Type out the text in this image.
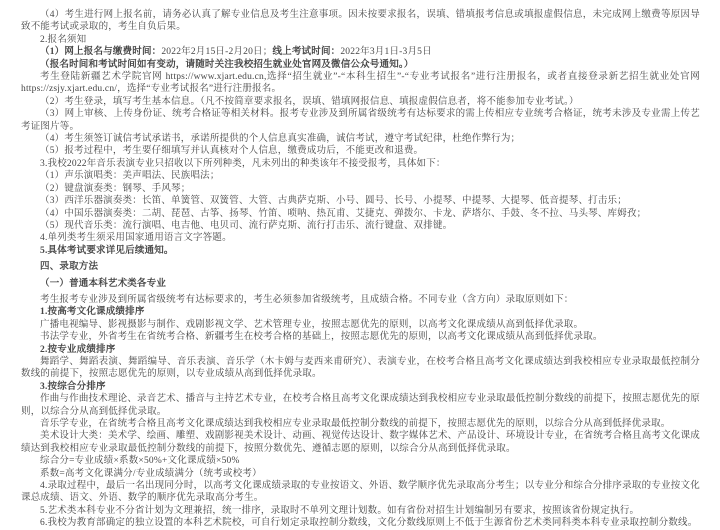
（4）考生进行网上报名前，请务必认真了解专业信息及考生注意事项。因未按要求报名，误填、错填报考信息或填报虚假信息，未完成网上缴费等原因导致不能考试或录取的，考生自负后果。

2.报名须知

（1）网上报名与缴费时间：2022年2月15日-2月20日；线上考试时间：2022年3月1日-3月5日

（报名时间和考试时间如有变动，请随时关注我校招生就业处官网及微信公众号通知。）

考生登陆新疆艺术学院官网 https://www.xjart.edu.cn,选择“招生就业”-“本科生招生”-“专业考试报名”进行注册报名，或者直接登录新艺招生就业处官网 https://zsjy.xjart.edu.cn/，选择“专业考试报名”进行注册报名。

（2）考生登录，填写考生基本信息。（凡不按简章要求报名，误填、错填网报信息、填报虚假信息者，将不能参加专业考试。）

（3）网上审核、上传身份证、统考合格证等相关材料。报考专业涉及到所属省级统考有达标要求的需上传相应专业统考合格证，统考未涉及专业需上传艺考证图片等。

（4）考生须签订诚信考试承诺书，承诺所提供的个人信息真实准确，诚信考试，遵守考试纪律，杜绝作弊行为；

（5）报考过程中，考生要仔细填写并认真核对个人信息，缴费成功后，不能更改和退费。

3.我校2022年音乐表演专业只招收以下所列种类，凡未列出的种类该年不接受报考，具体如下：

（1）声乐演唱类：美声唱法、民族唱法；

（2）键盘演奏类：钢琴、手风琴；

（3）西洋乐器演奏类：长笛、单簧管、双簧管、大管、古典萨克斯、小号、圆号、长号、小提琴、中提琴、大提琴、低音提琴、打击乐；

（4）中国乐器演奏类：二胡、琵琶、古筝、扬琴、竹笛、唢呐、热瓦甫、艾捷克、弹拨尔、卡龙、萨塔尔、手鼓、冬不拉、马头琴、库姆孜；

（5）现代音乐类：流行演唱、电吉他、电贝司、流行萨克斯、流行打击乐、流行键盘、双排键。

4.单列类考生须采用国家通用语言文字答题。

5.具体考试要求详见后续通知。

四、录取方法

（一）普通本科艺术类各专业

考生报考专业涉及到所属省级统考有达标要求的，考生必须参加省级统考，且成绩合格。不同专业（含方向）录取原则如下：

1.按高考文化课成绩排序

广播电视编导、影视摄影与制作、戏剧影视文学、艺术管理专业，按照志愿优先的原则，以高考文化课成绩从高到低择优录取。

书法学专业，外省考生在省统考合格、新疆考生在校考合格的基础上，按照志愿优先的原则，以高考文化课成绩从高到低择优录取。

2.按专业成绩排序

舞蹈学、舞蹈表演、舞蹈编导、音乐表演、音乐学（木卡姆与麦西来甫研究）、表演专业，在校考合格且高考文化课成绩达到我校相应专业录取最低控制分数线的前提下，按照志愿优先的原则，以专业成绩从高到低择优录取。

3.按综合分排序

作曲与作曲技术理论、录音艺术、播音与主持艺术专业，在校考合格且高考文化课成绩达到我校相应专业录取最低控制分数线的前提下，按照志愿优先的原则，以综合分从高到低择优录取。

音乐学专业，在省统考合格且高考文化课成绩达到我校相应专业录取最低控制分数线的前提下，按照志愿优先的原则，以综合分从高到低择优录取。

美术设计大类：美术学、绘画、雕塑、戏剧影视美术设计、动画、视觉传达设计、数字媒体艺术、产品设计、环境设计专业，在省统考合格且高考文化课成绩达到我校相应专业录取最低控制分数线的前提下，按照分数优先、遵循志愿的原则，以综合分从高到低择优录取。

综合分=专业成绩×系数×50%+文化课成绩×50%

系数=高考文化课满分/专业成绩满分（统考或校考）

4.录取过程中，最后一名出现同分时，以高考文化课成绩录取的专业按语文、外语、数学顺序优先录取高分考生；以专业分和综合分排序录取的专业按文化课总成绩、语文、外语、数学的顺序优先录取高分考生。

5.艺术类本科专业不分省计划为文理兼招，统一排序，录取时不单列文理计划数。如有省份对招生计划编制另有要求，按照该省份规定执行。

6.我校为教育部确定的独立设置的本科艺术院校，可自行划定录取控制分数线，文化分数线原则上不低于生源省份艺术类同科类本科专业录取控制分数线。
